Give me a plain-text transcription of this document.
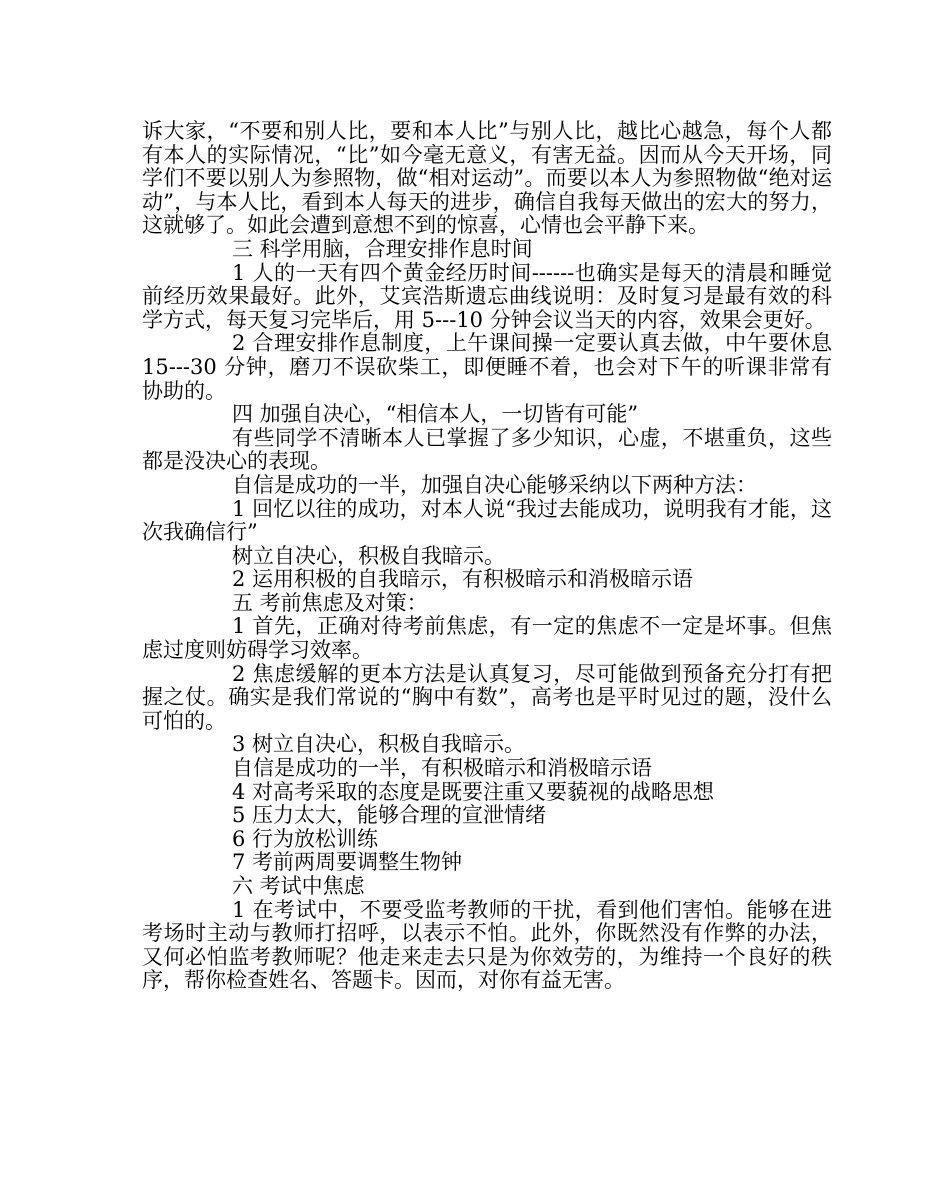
诉大家，“不要和别人比，要和本人比”与别人比，越比心越急，每个人都有本人的实际情况，“比”如今毫无意义，有害无益。因而从今天开场，同学们不要以别人为参照物，做“相对运动”。而要以本人为参照物做“绝对运动”，与本人比，看到本人每天的进步，确信自我每天做出的宏大的努力，这就够了。如此会遭到意想不到的惊喜，心情也会平静下来。

三 科学用脑，合理安排作息时间

1 人的一天有四个黄金经历时间------也确实是每天的清晨和睡觉前经历效果最好。此外，艾宾浩斯遗忘曲线说明：及时复习是最有效的科学方式，每天复习完毕后，用 5---10 分钟会议当天的内容，效果会更好。

2 合理安排作息制度，上午课间操一定要认真去做，中午要休息 15---30 分钟，磨刀不误砍柴工，即便睡不着，也会对下午的听课非常有协助的。

四 加强自决心，“相信本人，一切皆有可能”

有些同学不清晰本人已掌握了多少知识，心虚，不堪重负，这些都是没决心的表现。

自信是成功的一半，加强自决心能够采纳以下两种方法：

1 回忆以往的成功，对本人说“我过去能成功，说明我有才能，这次我确信行”

树立自决心，积极自我暗示。

2 运用积极的自我暗示，有积极暗示和消极暗示语

五 考前焦虑及对策：

1 首先，正确对待考前焦虑，有一定的焦虑不一定是坏事。但焦虑过度则妨碍学习效率。

2 焦虑缓解的更本方法是认真复习，尽可能做到预备充分打有把握之仗。确实是我们常说的“胸中有数”，高考也是平时见过的题，没什么可怕的。

3 树立自决心，积极自我暗示。

自信是成功的一半，有积极暗示和消极暗示语

4 对高考采取的态度是既要注重又要藐视的战略思想

5 压力太大，能够合理的宣泄情绪

6 行为放松训练

7 考前两周要调整生物钟

六 考试中焦虑

1 在考试中，不要受监考教师的干扰，看到他们害怕。能够在进考场时主动与教师打招呼，以表示不怕。此外，你既然没有作弊的办法，又何必怕监考教师呢？他走来走去只是为你效劳的，为维持一个良好的秩序，帮你检查姓名、答题卡。因而，对你有益无害。
